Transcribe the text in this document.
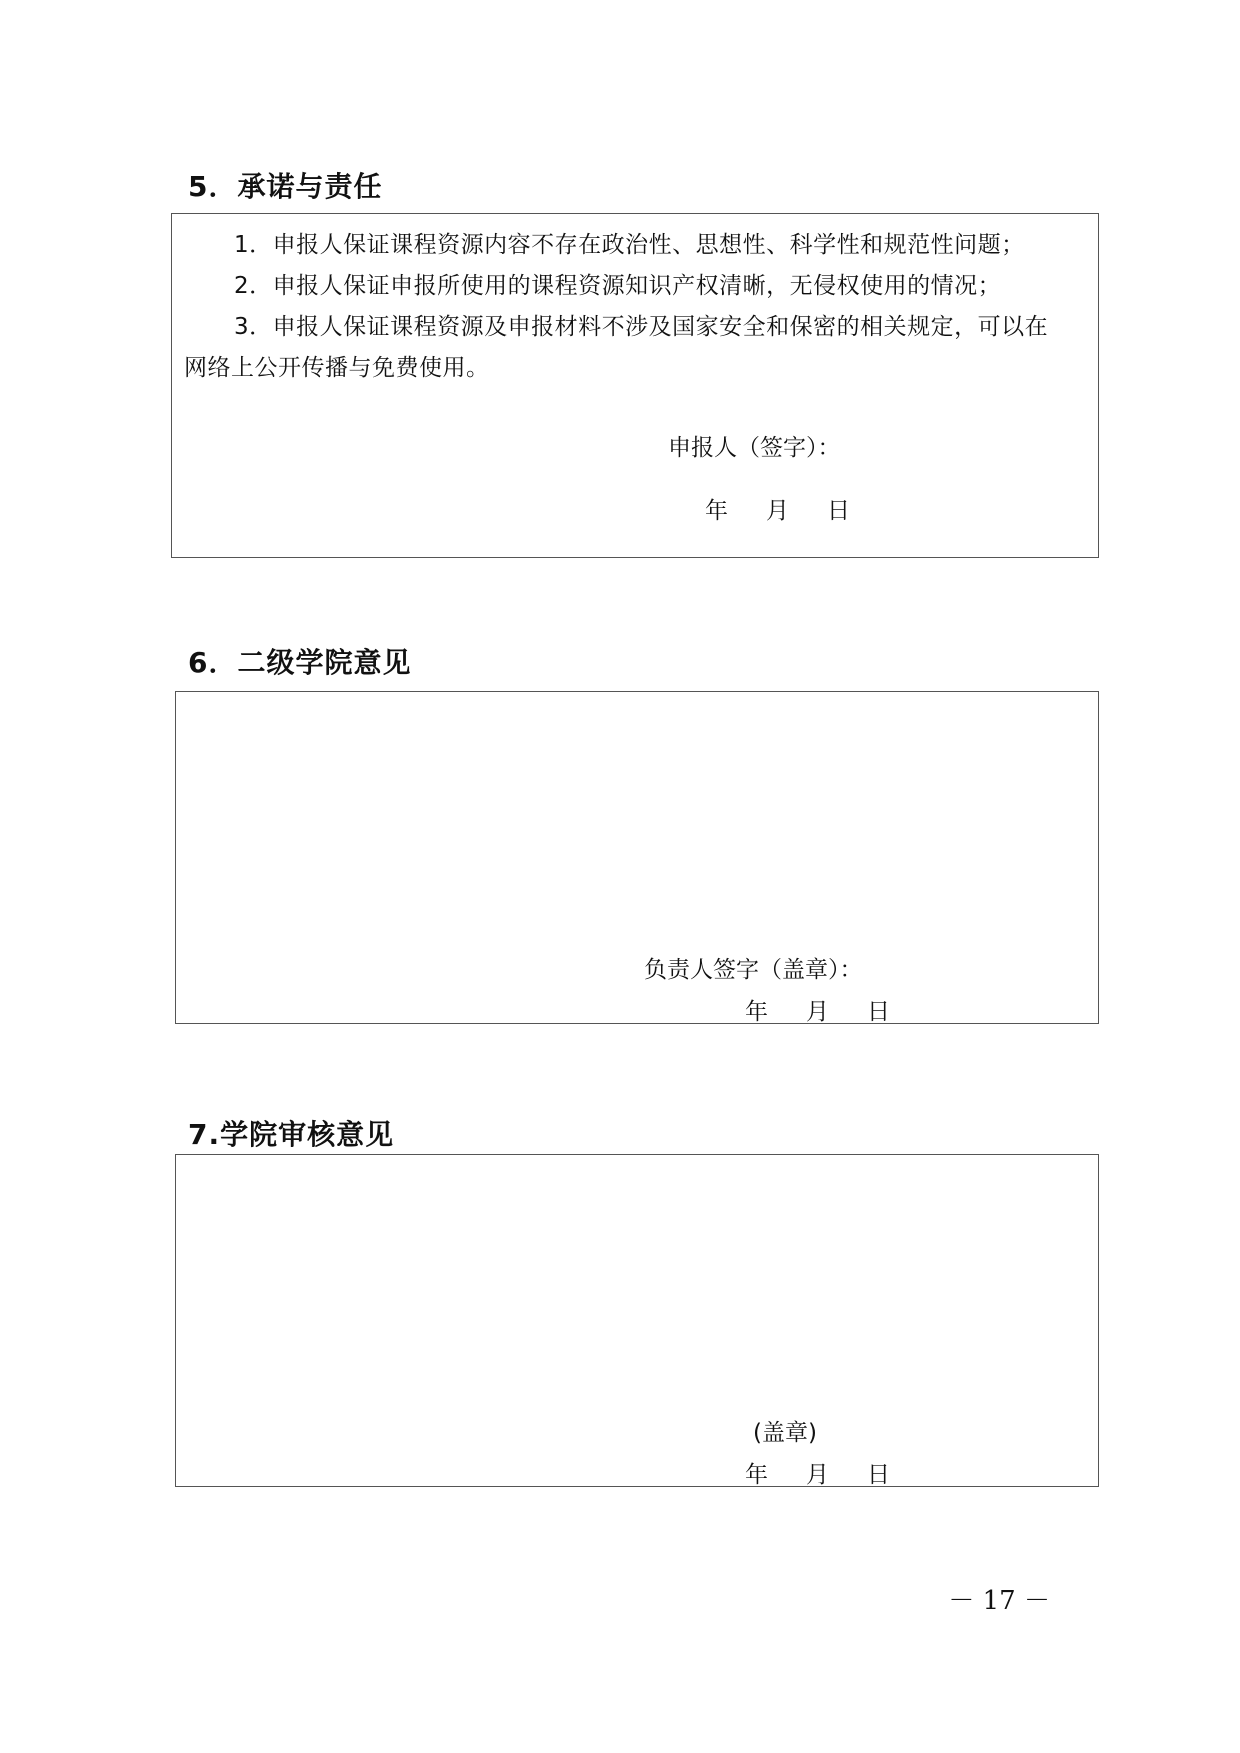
5．承诺与责任
1．申报人保证课程资源内容不存在政治性、思想性、科学性和规范性问题；
2．申报人保证申报所使用的课程资源知识产权清晰，无侵权使用的情况；
3．申报人保证课程资源及申报材料不涉及国家安全和保密的相关规定，可以在
网络上公开传播与免费使用。
申报人（签字）：
年 月 日
6．二级学院意见
负责人签字（盖章）：
年 月 日
7.学院审核意见
(盖章)
年 月 日
－ 17 －
